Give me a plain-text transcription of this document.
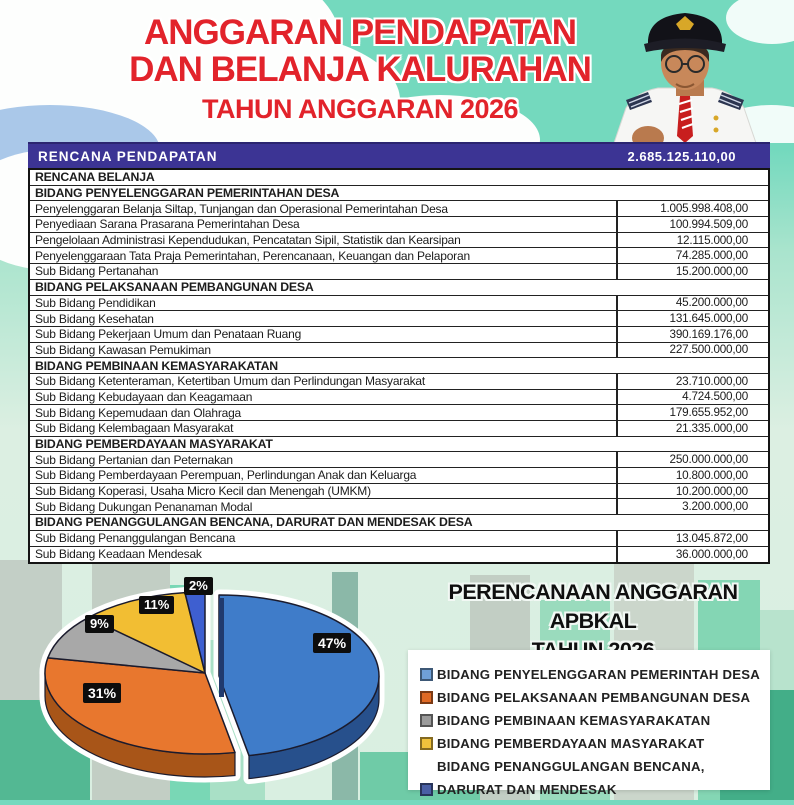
ANGGARAN PENDAPATAN
DAN BELANJA KALURAHAN
TAHUN ANGGARAN 2026
RENCANA PENDAPATAN	2.685.125.110,00
RENCANA BELANJA
BIDANG PENYELENGGARAN PEMERINTAHAN DESA
Penyelenggaran Belanja Siltap, Tunjangan dan Operasional Pemerintahan Desa	1.005.998.408,00
Penyediaan Sarana Prasarana Pemerintahan Desa	100.994.509,00
Pengelolaan Administrasi Kependudukan, Pencatatan Sipil, Statistik dan Kearsipan	12.115.000,00
Penyelenggaraan Tata Praja Pemerintahan, Perencanaan, Keuangan dan Pelaporan	74.285.000,00
Sub Bidang Pertanahan	15.200.000,00
BIDANG PELAKSANAAN PEMBANGUNAN DESA
Sub Bidang Pendidikan	45.200.000,00
Sub Bidang Kesehatan	131.645.000,00
Sub Bidang Pekerjaan Umum dan Penataan Ruang	390.169.176,00
Sub Bidang Kawasan Pemukiman	227.500.000,00
BIDANG PEMBINAAN KEMASYARAKATAN
Sub Bidang Ketenteraman, Ketertiban Umum dan Perlindungan Masyarakat	23.710.000,00
Sub Bidang Kebudayaan dan Keagamaan	4.724.500,00
Sub Bidang Kepemudaan dan Olahraga	179.655.952,00
Sub Bidang Kelembagaan Masyarakat	21.335.000,00
BIDANG PEMBERDAYAAN MASYARAKAT
Sub Bidang Pertanian dan Peternakan	250.000.000,00
Sub Bidang Pemberdayaan Perempuan, Perlindungan Anak dan Keluarga	10.800.000,00
Sub Bidang Koperasi, Usaha Micro Kecil dan Menengah (UMKM)	10.200.000,00
Sub Bidang Dukungan Penanaman Modal	3.200.000,00
BIDANG PENANGGULANGAN BENCANA, DARURAT DAN MENDESAK DESA
Sub Bidang Penanggulangan Bencana	13.045.872,00
Sub Bidang Keadaan Mendesak	36.000.000,00
2%
11%
9%
31%
47%
PERENCANAAN ANGGARAN APBKAL
BIDANG PENYELENGGARAN PEMERINTAH DESA
BIDANG PELAKSANAAN PEMBANGUNAN DESA
BIDANG PEMBINAAN KEMASYARAKATAN
BIDANG PEMBERDAYAAN MASYARAKAT
BIDANG PENANGGULANGAN BENCANA,
DARURAT DAN MENDESAK
